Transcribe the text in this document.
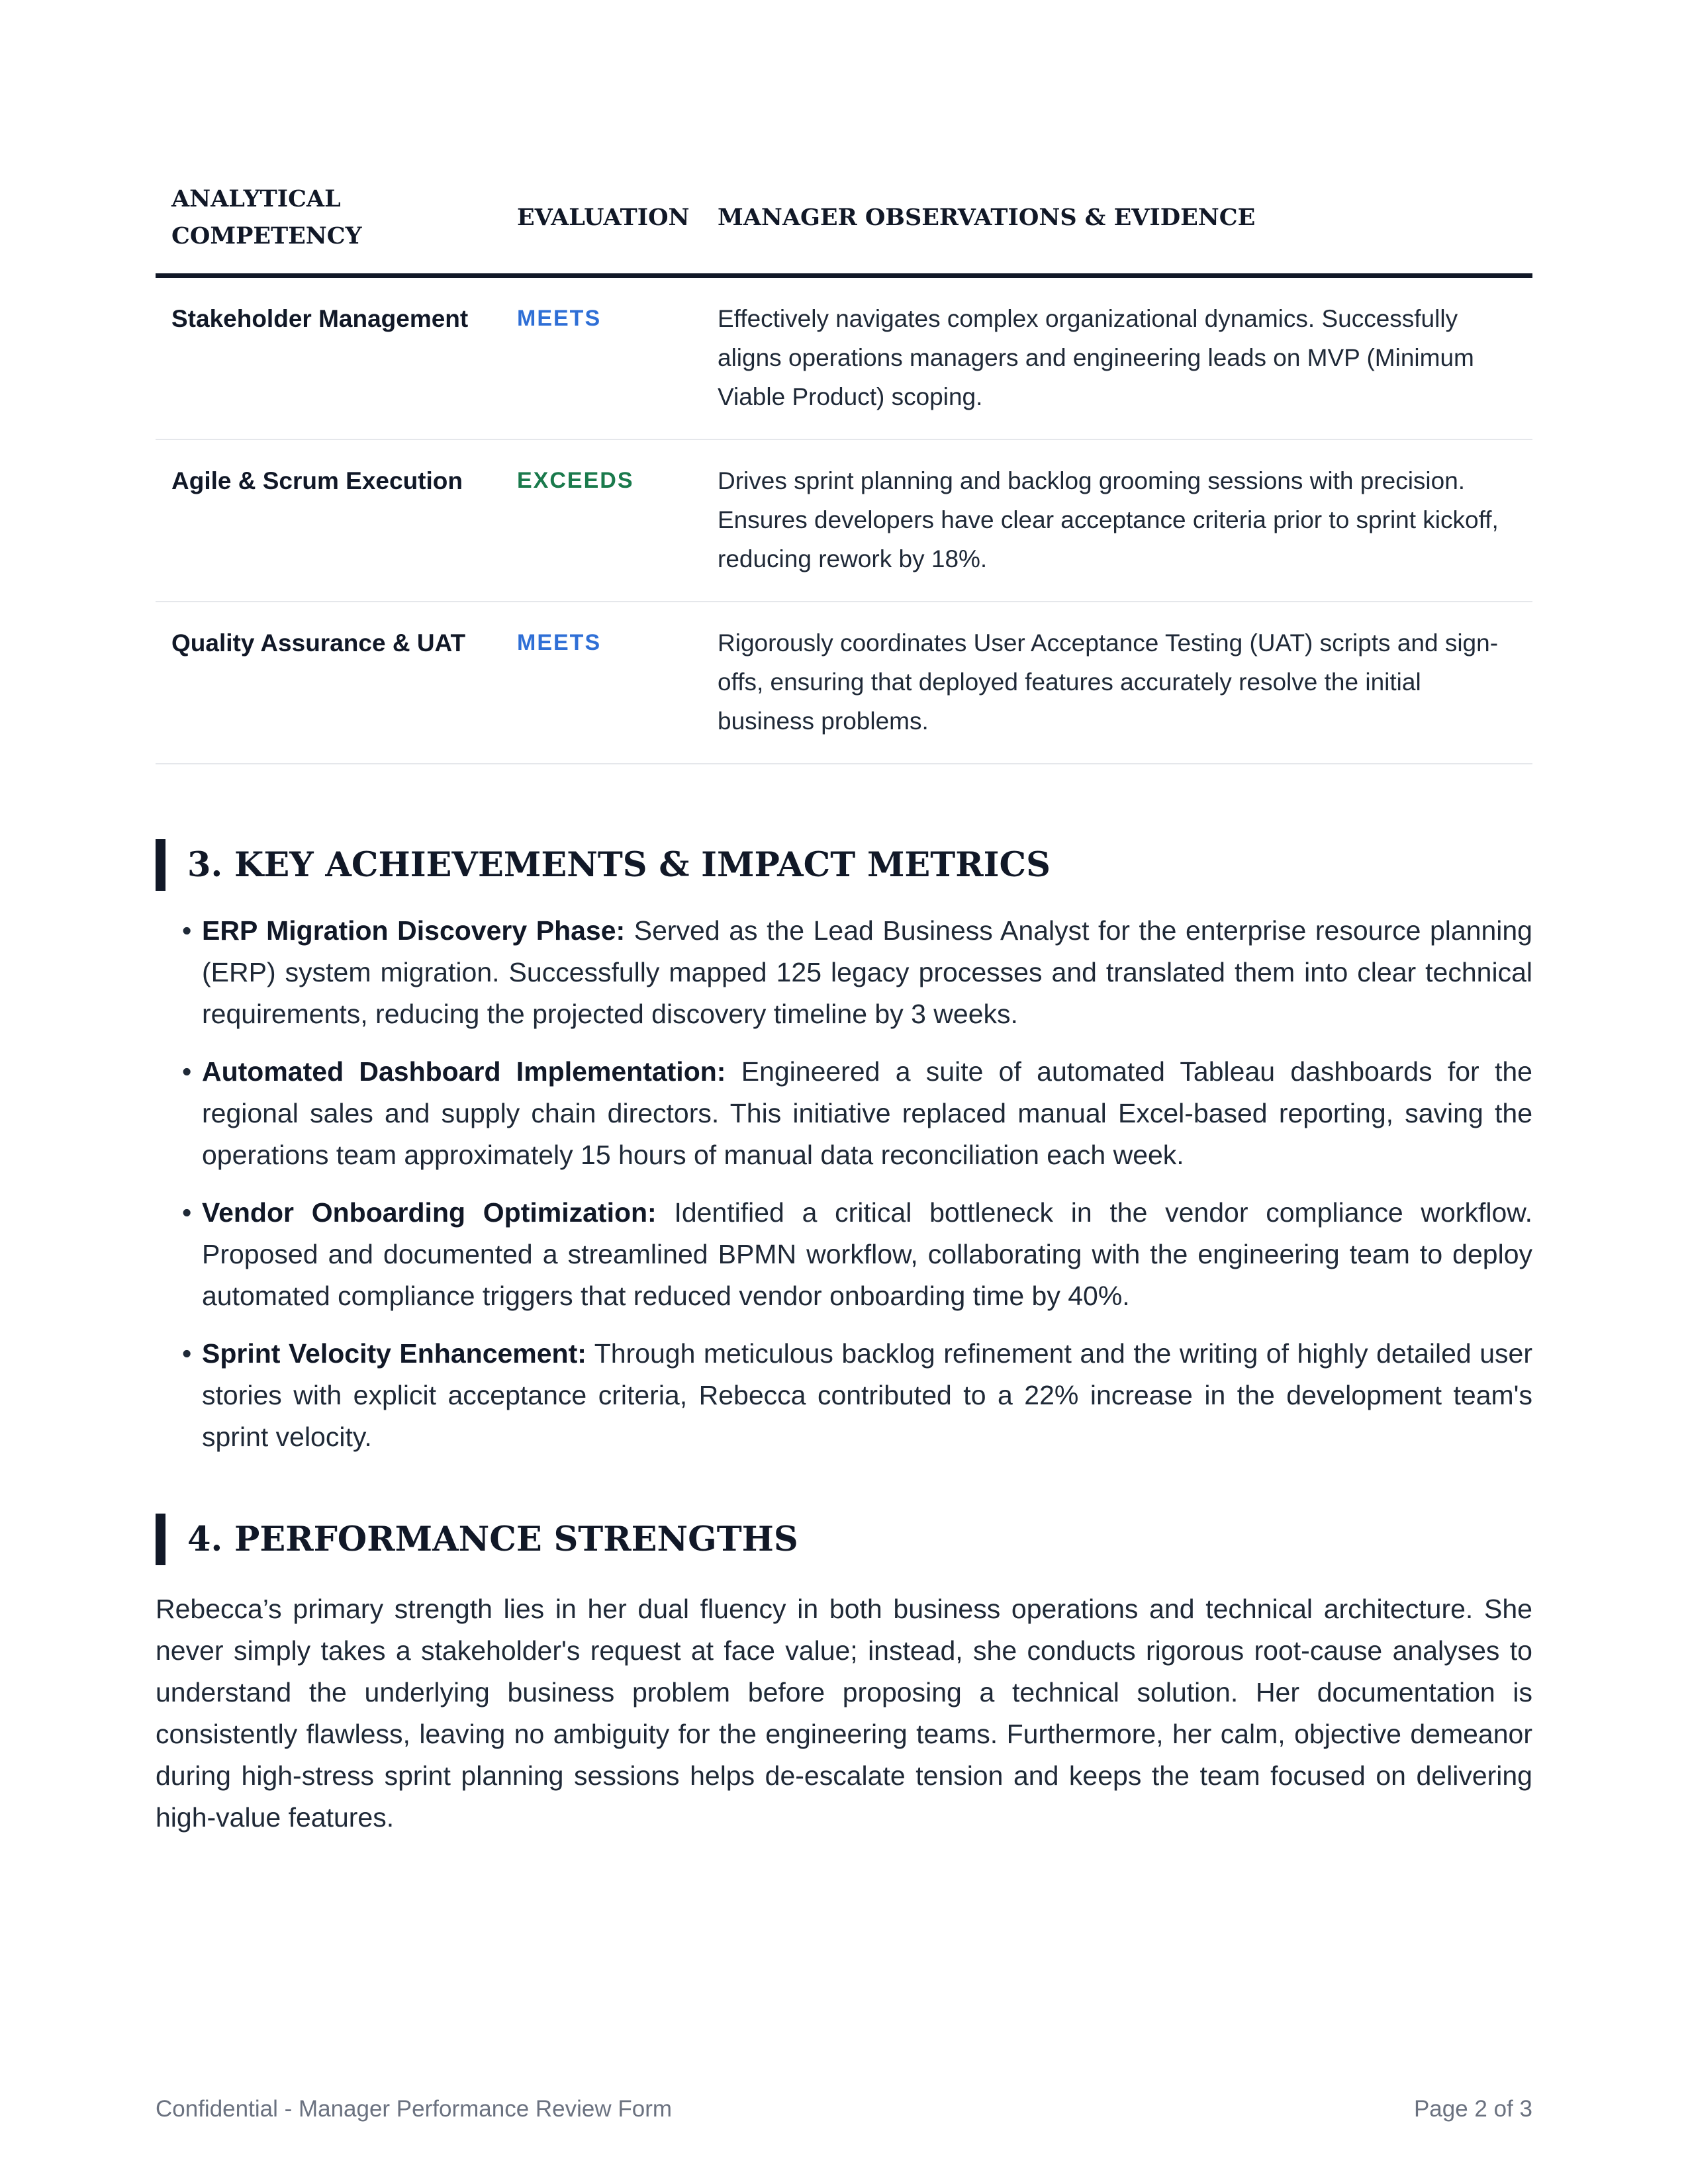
ANALYTICAL COMPETENCY	EVALUATION	MANAGER OBSERVATIONS & EVIDENCE
Stakeholder Management	MEETS	Effectively navigates complex organizational dynamics. Successfully aligns operations managers and engineering leads on MVP (Minimum Viable Product) scoping.
Agile & Scrum Execution	EXCEEDS	Drives sprint planning and backlog grooming sessions with precision. Ensures developers have clear acceptance criteria prior to sprint kickoff, reducing rework by 18%.
Quality Assurance & UAT	MEETS	Rigorously coordinates User Acceptance Testing (UAT) scripts and sign-offs, ensuring that deployed features accurately resolve the initial business problems.
3. KEY ACHIEVEMENTS & IMPACT METRICS
• ERP Migration Discovery Phase: Served as the Lead Business Analyst for the enterprise resource planning (ERP) system migration. Successfully mapped 125 legacy processes and translated them into clear technical requirements, reducing the projected discovery timeline by 3 weeks.
• Automated Dashboard Implementation: Engineered a suite of automated Tableau dashboards for the regional sales and supply chain directors. This initiative replaced manual Excel-based reporting, saving the operations team approximately 15 hours of manual data reconciliation each week.
• Vendor Onboarding Optimization: Identified a critical bottleneck in the vendor compliance workflow. Proposed and documented a streamlined BPMN workflow, collaborating with the engineering team to deploy automated compliance triggers that reduced vendor onboarding time by 40%.
• Sprint Velocity Enhancement: Through meticulous backlog refinement and the writing of highly detailed user stories with explicit acceptance criteria, Rebecca contributed to a 22% increase in the development team's sprint velocity.
4. PERFORMANCE STRENGTHS

Rebecca’s primary strength lies in her dual fluency in both business operations and technical architecture. She never simply takes a stakeholder's request at face value; instead, she conducts rigorous root-cause analyses to understand the underlying business problem before proposing a technical solution. Her documentation is consistently flawless, leaving no ambiguity for the engineering teams. Furthermore, her calm, objective demeanor during high-stress sprint planning sessions helps de-escalate tension and keeps the team focused on delivering high-value features.

Confidential - Manager Performance Review Form	Page 2 of 3
